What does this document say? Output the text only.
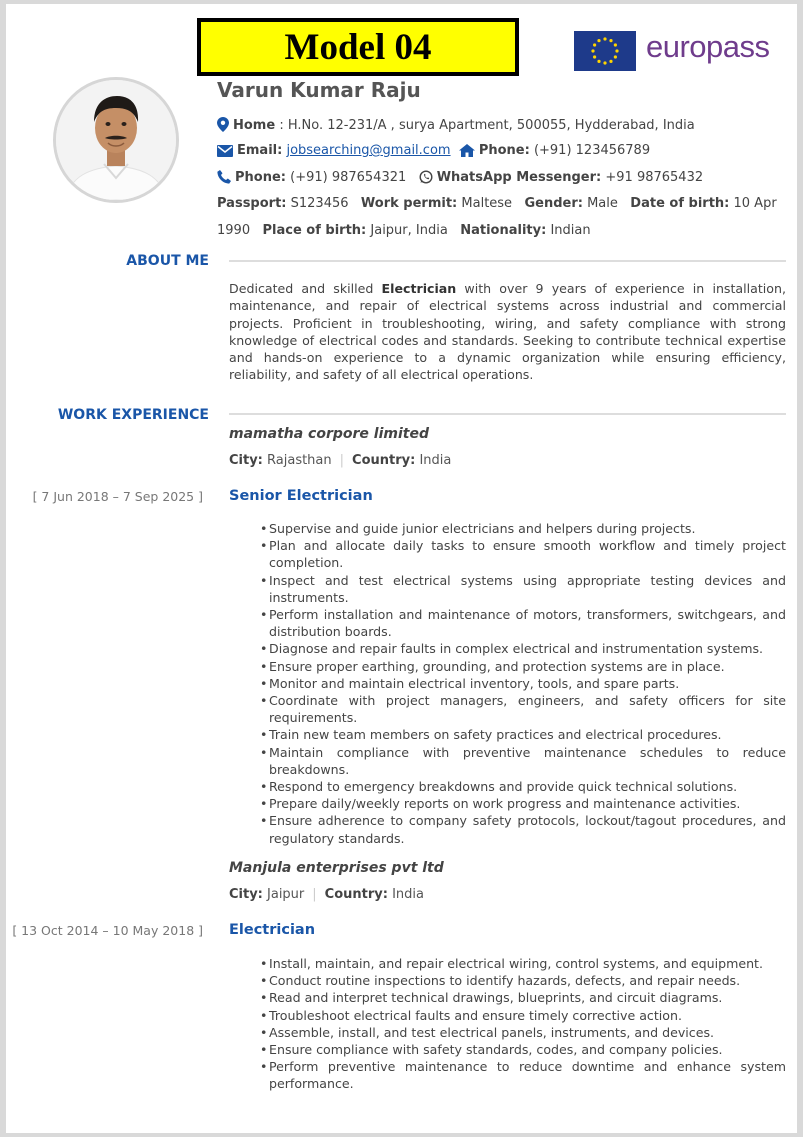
Model 04	europass
Varun Kumar Raju
Home : H.No. 12-231/A , surya Apartment, 500055, Hydderabad, India
Email: jobsearching@gmail.com Phone: (+91) 123456789
Phone: (+91) 987654321 WhatsApp Messenger: +91 98765432
Passport: S123456 Work permit: Maltese Gender: Male Date of birth: 10 Apr
1990 Place of birth: Jaipur, India Nationality: Indian
ABOUT ME
Dedicated and skilled Electrician with over 9 years of experience in installation, maintenance, and repair of electrical systems across industrial and commercial projects. Proficient in troubleshooting, wiring, and safety compliance with strong knowledge of electrical codes and standards. Seeking to contribute technical expertise and hands-on experience to a dynamic organization while ensuring efficiency, reliability, and safety of all electrical operations.
WORK EXPERIENCE
mamatha corpore limited
City: Rajasthan | Country: India
[ 7 Jun 2018 – 7 Sep 2025 ] Senior Electrician
• Supervise and guide junior electricians and helpers during projects.
• Plan and allocate daily tasks to ensure smooth workflow and timely project completion.
• Inspect and test electrical systems using appropriate testing devices and instruments.
• Perform installation and maintenance of motors, transformers, switchgears, and distribution boards.
• Diagnose and repair faults in complex electrical and instrumentation systems.
• Ensure proper earthing, grounding, and protection systems are in place.
• Monitor and maintain electrical inventory, tools, and spare parts.
• Coordinate with project managers, engineers, and safety officers for site requirements.
• Train new team members on safety practices and electrical procedures.
• Maintain compliance with preventive maintenance schedules to reduce breakdowns.
• Respond to emergency breakdowns and provide quick technical solutions.
• Prepare daily/weekly reports on work progress and maintenance activities.
• Ensure adherence to company safety protocols, lockout/tagout procedures, and regulatory standards.
Manjula enterprises pvt ltd
City: Jaipur | Country: India
[ 13 Oct 2014 – 10 May 2018 ] Electrician
• Install, maintain, and repair electrical wiring, control systems, and equipment.
• Conduct routine inspections to identify hazards, defects, and repair needs.
• Read and interpret technical drawings, blueprints, and circuit diagrams.
• Troubleshoot electrical faults and ensure timely corrective action.
• Assemble, install, and test electrical panels, instruments, and devices.
• Ensure compliance with safety standards, codes, and company policies.
• Perform preventive maintenance to reduce downtime and enhance system performance.
